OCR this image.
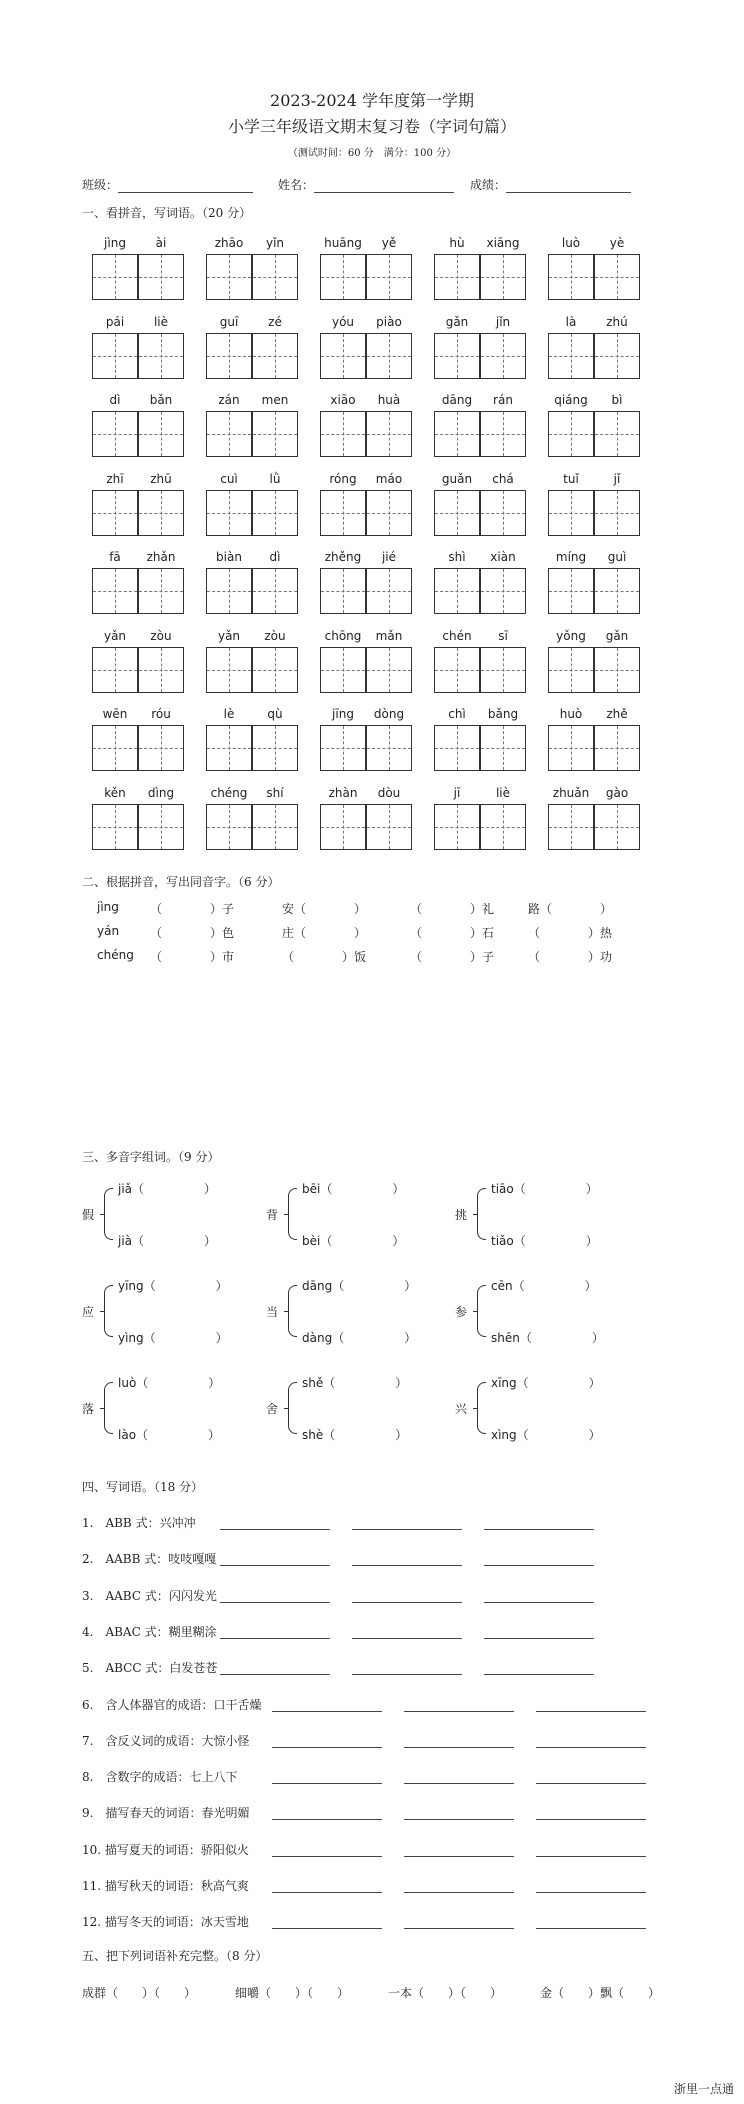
2023-2024 学年度第一学期
小学三年级语文期末复习卷（字词句篇）
（测试时间：60 分　满分：100 分）
班级：	姓名：	成绩：
一、看拼音，写词语。（20 分）
jìng	ài	zhāo	yǐn	huāng	yě	hù	xiāng	luò	yè
pái	liè	guī	zé	yóu	piào	gǎn	jǐn	là	zhú
dì	bǎn	zán	men	xiāo	huà	dāng	rán	qiáng	bì
zhī	zhū	cuì	lǜ	róng	máo	guǎn	chá	tuǐ	jǐ
fā	zhǎn	biàn	dì	zhěng	jié	shì	xiàn	míng	guì
yǎn	zòu	yǎn	zòu	chōng	mǎn	chén	sī	yǒng	gǎn
wēn	róu	lè	qù	jīng	dòng	chì	bǎng	huò	zhě
kěn	dìng	chéng	shí	zhàn	dòu	jī	liè	zhuǎn	gào
二、根据拼音，写出同音字。（6 分）
jìng	（　　　　）子	安（　　　　）	（　　　　）礼	路（　　　　）
yán	（　　　　）色	庄（　　　　）	（　　　　）石	（　　　　）热
chéng （　　　　）市	（　　　　）饭	（　　　　）子	（　　　　）功
三、多音字组词。（9 分）
假
jiǎ（　　　　　）
jià（　　　　　）
背
bēi（　　　　　）
bèi（　　　　　）
挑
tiāo（　　　　　）
tiǎo（　　　　　）
应
yīng（　　　　　）
yìng（　　　　　）
当
dāng（　　　　　）
dàng（　　　　　）
参
cēn（　　　　　）
shēn（　　　　　）
落
luò（　　　　　）
lào（　　　　　）
舍
shě（　　　　　）
shè（　　　　　）
兴
xīng（　　　　　）
xìng（　　　　　）
四、写词语。（18 分）
1.　ABB 式：兴冲冲
2.　AABB 式：吱吱嘎嘎
3.　AABC 式：闪闪发光
4.　ABAC 式：糊里糊涂
5.　ABCC 式：白发苍苍
6.　含人体器官的成语：口干舌燥
7.　含反义词的成语：大惊小怪
8.　含数字的成语：七上八下
9.　描写春天的词语：春光明媚
10. 描写夏天的词语：骄阳似火
11. 描写秋天的词语：秋高气爽
12. 描写冬天的词语：冰天雪地
五、把下列词语补充完整。（8 分）
成群（　　）（　　）	细嚼（　　）（　　）	一本（　　）（　　）	金（　　）飘（　　）
浙里一点通
